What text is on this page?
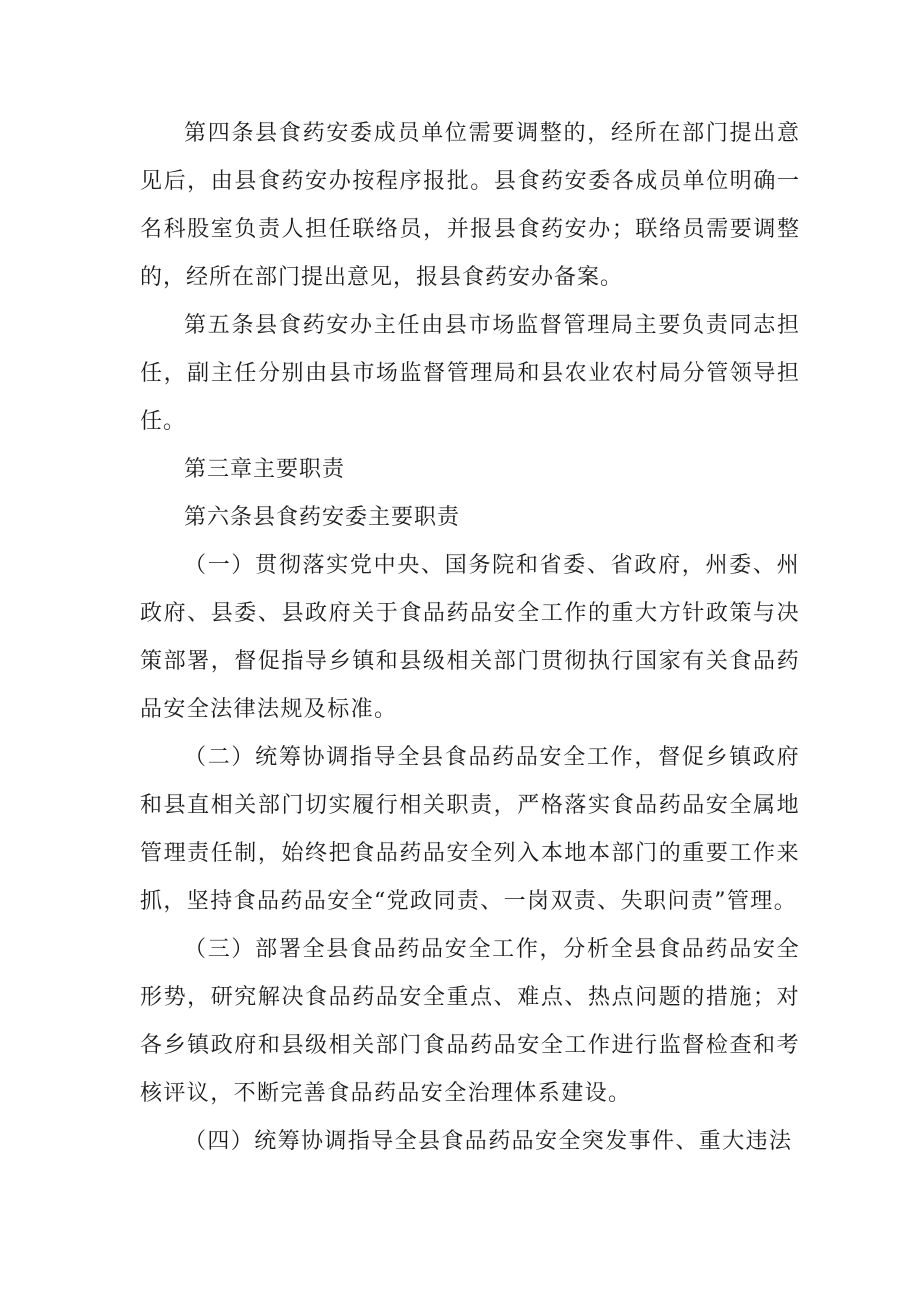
第四条县食药安委成员单位需要调整的，经所在部门提出意见后，由县食药安办按程序报批。县食药安委各成员单位明确一名科股室负责人担任联络员，并报县食药安办；联络员需要调整的，经所在部门提出意见，报县食药安办备案。

第五条县食药安办主任由县市场监督管理局主要负责同志担任，副主任分别由县市场监督管理局和县农业农村局分管领导担任。

第三章主要职责

第六条县食药安委主要职责

（一）贯彻落实党中央、国务院和省委、省政府，州委、州政府、县委、县政府关于食品药品安全工作的重大方针政策与决策部署，督促指导乡镇和县级相关部门贯彻执行国家有关食品药品安全法律法规及标准。

（二）统筹协调指导全县食品药品安全工作，督促乡镇政府和县直相关部门切实履行相关职责，严格落实食品药品安全属地管理责任制，始终把食品药品安全列入本地本部门的重要工作来抓，坚持食品药品安全“党政同责、一岗双责、失职问责”管理。

（三）部署全县食品药品安全工作，分析全县食品药品安全形势，研究解决食品药品安全重点、难点、热点问题的措施；对各乡镇政府和县级相关部门食品药品安全工作进行监督检查和考核评议，不断完善食品药品安全治理体系建设。

（四）统筹协调指导全县食品药品安全突发事件、重大违法
